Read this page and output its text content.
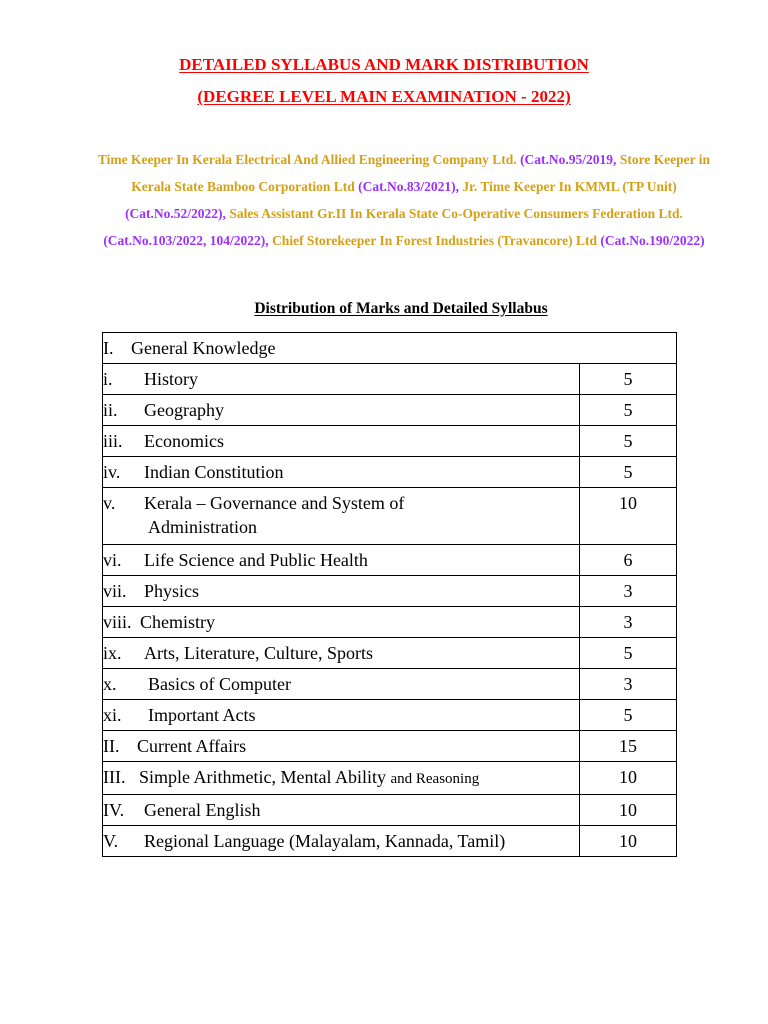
DETAILED SYLLABUS AND MARK DISTRIBUTION
(DEGREE LEVEL MAIN EXAMINATION - 2022)
Time Keeper In Kerala Electrical And Allied Engineering Company Ltd. (Cat.No.95/2019, Store Keeper in Kerala State Bamboo Corporation Ltd (Cat.No.83/2021), Jr. Time Keeper In KMML (TP Unit) (Cat.No.52/2022), Sales Assistant Gr.II In Kerala State Co-Operative Consumers Federation Ltd.(Cat.No.103/2022, 104/2022), Chief Storekeeper In Forest Industries (Travancore) Ltd (Cat.No.190/2022)
Distribution of Marks and Detailed Syllabus
I. General Knowledge	
i. History	5
ii. Geography	5
iii. Economics	5
iv. Indian Constitution	5
v. Kerala – Governance and System of
Administration	10
vi. Life Science and Public Health	6
vii. Physics	3
viii. Chemistry	3
ix. Arts, Literature, Culture, Sports	5
x. Basics of Computer	3
xi. Important Acts	5
II. Current Affairs	15
III. Simple Arithmetic, Mental Ability and Reasoning	10
IV. General English	10
V. Regional Language (Malayalam, Kannada, Tamil)	10
